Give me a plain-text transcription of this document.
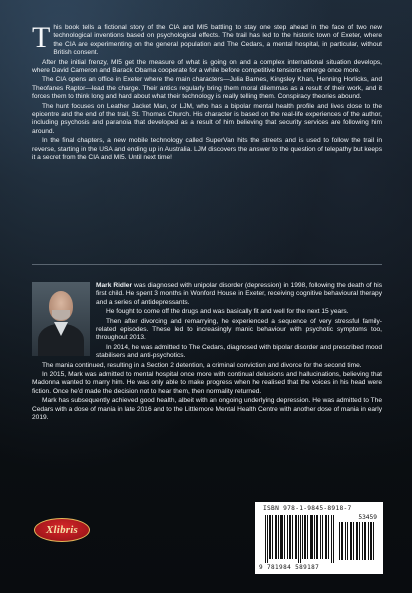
This book tells a fictional story of the CIA and MI5 battling to stay one step ahead in the face of two new technological inventions based on psychological effects. The trail has led to the historic town of Exeter, where the CIA are experimenting on the general population and The Cedars, a mental hospital, in particular, without British consent.

After the initial frenzy, MI5 get the measure of what is going on and a complex international situation develops, where David Cameron and Barack Obama cooperate for a while before competitive tensions emerge once more.

The CIA opens an office in Exeter where the main characters—Julia Barnes, Kingsley Khan, Henning Horlicks, and Theofanes Raptor—lead the charge. Their antics regularly bring them moral dilemmas as a result of their work, and it forces them to think long and hard about what their technology is really telling them. Conspiracy theories abound.

The hunt focuses on Leather Jacket Man, or LJM, who has a bipolar mental health profile and lives close to the epicentre and the end of the trail, St. Thomas Church. His character is based on the real-life experiences of the author, including psychosis and paranoia that developed as a result of him believing that security services are following him around.

In the final chapters, a new mobile technology called SuperVan hits the streets and is used to follow the trail in reverse, starting in the USA and ending up in Australia. LJM discovers the answer to the question of telepathy but keeps it a secret from the CIA and MI5. Until next time!

Mark Ridler was diagnosed with unipolar disorder (depression) in 1998, following the death of his first child. He spent 3 months in Wonford House in Exeter, receiving cognitive behavioural therapy and a series of antidepressants.

He fought to come off the drugs and was basically fit and well for the next 15 years.

Then after divorcing and remarrying, he experienced a sequence of very stressful family-related episodes. These led to increasingly manic behaviour with psychotic symptoms too, throughout 2013.

In 2014, he was admitted to The Cedars, diagnosed with bipolar disorder and prescribed mood stabilisers and anti-psychotics.

The mania continued, resulting in a Section 2 detention, a criminal conviction and divorce for the second time.

In 2015, Mark was admitted to mental hospital once more with continual delusions and hallucinations, believing that Madonna wanted to marry him. He was only able to make progress when he realised that the voices in his head were fiction. Once he'd made the decision not to hear them, then normality returned.

Mark has subsequently achieved good health, albeit with an ongoing underlying depression. He was admitted to The Cedars with a dose of mania in late 2016 and to the Littlemore Mental Health Centre with another dose of mania in early 2019.

Xlibris
ISBN 978-1-9845-8918-7
53459
9 781984 589187
